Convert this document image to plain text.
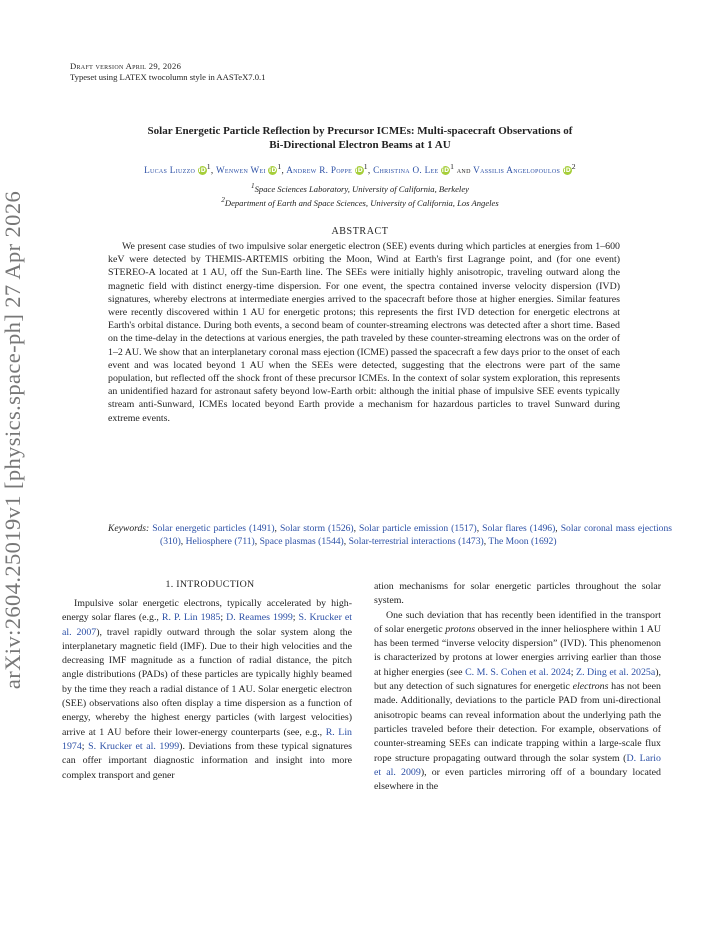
arXiv:2604.25019v1 [physics.space-ph] 27 Apr 2026
Draft version April 29, 2026
Typeset using LATEX twocolumn style in AASTeX7.0.1
Solar Energetic Particle Reflection by Precursor ICMEs: Multi-spacecraft Observations of
Bi-Directional Electron Beams at 1 AU
Lucas Liuzzo $iD^1$, Wenwen Wei $iD^1$, Andrew R. Poppe $iD^1$, Christina O. Lee $iD^1$ and Vassilis Angelopoulos $iD^2$
$^1$Space Sciences Laboratory, University of California, Berkeley
$^2$Department of Earth and Space Sciences, University of California, Los Angeles
ABSTRACT

We present case studies of two impulsive solar energetic electron (SEE) events during which particles at energies from 1–600 keV were detected by THEMIS-ARTEMIS orbiting the Moon, Wind at Earth's first Lagrange point, and (for one event) STEREO-A located at 1 AU, off the Sun-Earth line. The SEEs were initially highly anisotropic, traveling outward along the magnetic field with distinct energy-time dispersion. For one event, the spectra contained inverse velocity dispersion (IVD) signatures, whereby electrons at intermediate energies arrived to the spacecraft before those at higher energies. Similar features were recently discovered within 1 AU for energetic protons; this represents the first IVD detection for energetic electrons at Earth's orbital distance. During both events, a second beam of counter-streaming electrons was detected after a short time. Based on the time-delay in the detections at various energies, the path traveled by these counter-streaming electrons was on the order of 1–2 AU. We show that an interplanetary coronal mass ejection (ICME) passed the spacecraft a few days prior to the onset of each event and was located beyond 1 AU when the SEEs were detected, suggesting that the electrons were part of the same population, but reflected off the shock front of these precursor ICMEs. In the context of solar system exploration, this represents an unidentified hazard for astronaut safety beyond low-Earth orbit: although the initial phase of impulsive SEE events typically stream anti-Sunward, ICMEs located beyond Earth provide a mechanism for hazardous particles to travel Sunward during extreme events.

Keywords: Solar energetic particles (1491), Solar storm (1526), Solar particle emission (1517), Solar flares (1496), Solar coronal mass ejections (310), Heliosphere (711), Space plasmas (1544), Solar-terrestrial interactions (1473), The Moon (1692)

1. INTRODUCTION

Impulsive solar energetic electrons, typically accelerated by high-energy solar flares (e.g., R. P. Lin 1985; D. Reames 1999; S. Krucker et al. 2007), travel rapidly outward through the solar system along the interplanetary magnetic field (IMF). Due to their high velocities and the decreasing IMF magnitude as a function of radial distance, the pitch angle distributions (PADs) of these particles are typically highly beamed by the time they reach a radial distance of 1 AU. Solar energetic electron (SEE) observations also often display a time dispersion as a function of energy, whereby the highest energy particles (with largest velocities) arrive at 1 AU before their lower-energy counterparts (see, e.g., R. Lin 1974; S. Krucker et al. 1999). Deviations from these typical signatures can offer important diagnostic information and insight into more complex transport and gener

ation mechanisms for solar energetic particles throughout the solar system.

One such deviation that has recently been identified in the transport of solar energetic protons observed in the inner heliosphere within 1 AU has been termed “inverse velocity dispersion” (IVD). This phenomenon is characterized by protons at lower energies arriving earlier than those at higher energies (see C. M. S. Cohen et al. 2024; Z. Ding et al. 2025a), but any detection of such signatures for energetic electrons has not been made. Additionally, deviations to the particle PAD from uni-directional anisotropic beams can reveal information about the underlying path the particles traveled before their detection. For example, observations of counter-streaming SEEs can indicate trapping within a large-scale flux rope structure propagating outward through the solar system (D. Lario et al. 2009), or even particles mirroring off of a boundary located elsewhere in the
